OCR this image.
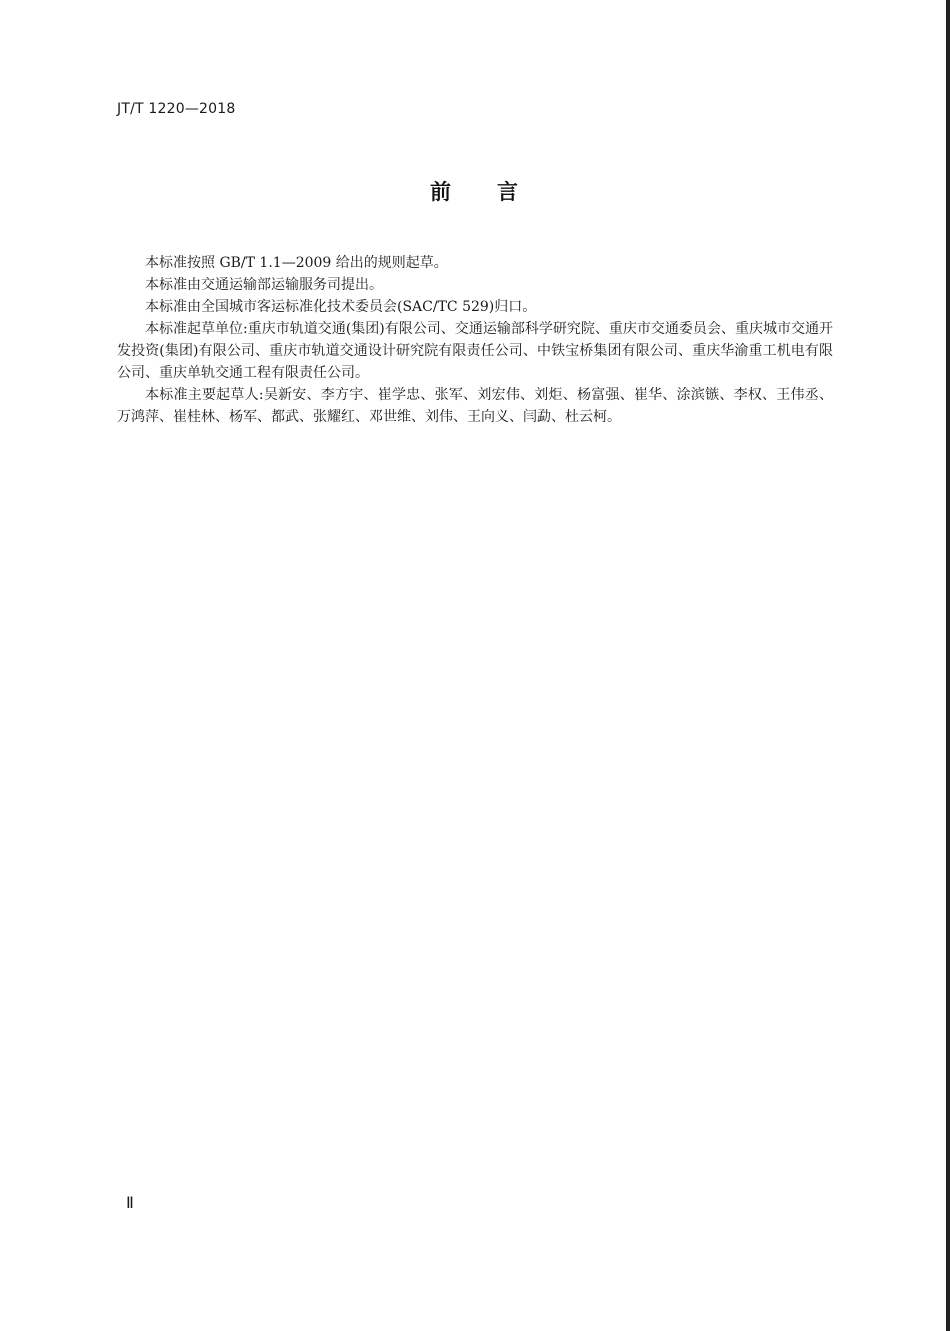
JT/T 1220—2018
前 言

本标准按照 GB/T 1.1—2009 给出的规则起草。

本标准由交通运输部运输服务司提出。

本标准由全国城市客运标准化技术委员会(SAC/TC 529)归口。

本标准起草单位:重庆市轨道交通(集团)有限公司、交通运输部科学研究院、重庆市交通委员会、重庆城市交通开发投资(集团)有限公司、重庆市轨道交通设计研究院有限责任公司、中铁宝桥集团有限公司、重庆华渝重工机电有限公司、重庆单轨交通工程有限责任公司。

本标准主要起草人:吴新安、李方宇、崔学忠、张军、刘宏伟、刘炬、杨富强、崔华、涂滨镞、李权、王伟丞、万鸿萍、崔桂林、杨军、都武、张耀红、邓世维、刘伟、王向义、闫勐、杜云柯。

Ⅱ
